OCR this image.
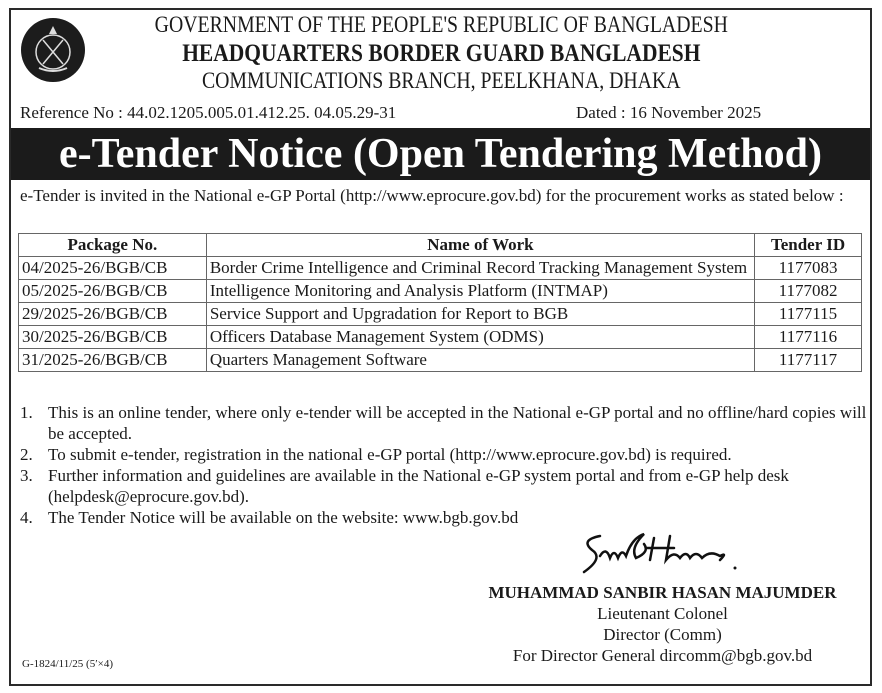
GOVERNMENT OF THE PEOPLE'S REPUBLIC OF BANGLADESH
HEADQUARTERS BORDER GUARD BANGLADESH
COMMUNICATIONS BRANCH, PEELKHANA, DHAKA
Reference No : 44.02.1205.005.01.412.25. 04.05.29-31	Dated : 16 November 2025
e-Tender Notice (Open Tendering Method)
e-Tender is invited in the National e-GP Portal (http://www.eprocure.gov.bd) for the procurement works as stated below :
Package No.	Name of Work	Tender ID
04/2025-26/BGB/CB	Border Crime Intelligence and Criminal Record Tracking Management System	1177083
05/2025-26/BGB/CB	Intelligence Monitoring and Analysis Platform (INTMAP)	1177082
29/2025-26/BGB/CB	Service Support and Upgradation for Report to BGB	1177115
30/2025-26/BGB/CB	Officers Database Management System (ODMS)	1177116
31/2025-26/BGB/CB	Quarters Management Software	1177117
1. This is an online tender, where only e-tender will be accepted in the National e-GP portal and no offline/hard copies will be accepted.
2. To submit e-tender, registration in the national e-GP portal (http://www.eprocure.gov.bd) is required.
3. Further information and guidelines are available in the National e-GP system portal and from e-GP help desk (helpdesk@eprocure.gov.bd).
4. The Tender Notice will be available on the website: www.bgb.gov.bd
MUHAMMAD SANBIR HASAN MAJUMDER
Lieutenant Colonel
Director (Comm)
For Director General dircomm@bgb.gov.bd
G-1824/11/25 (5′×4)
